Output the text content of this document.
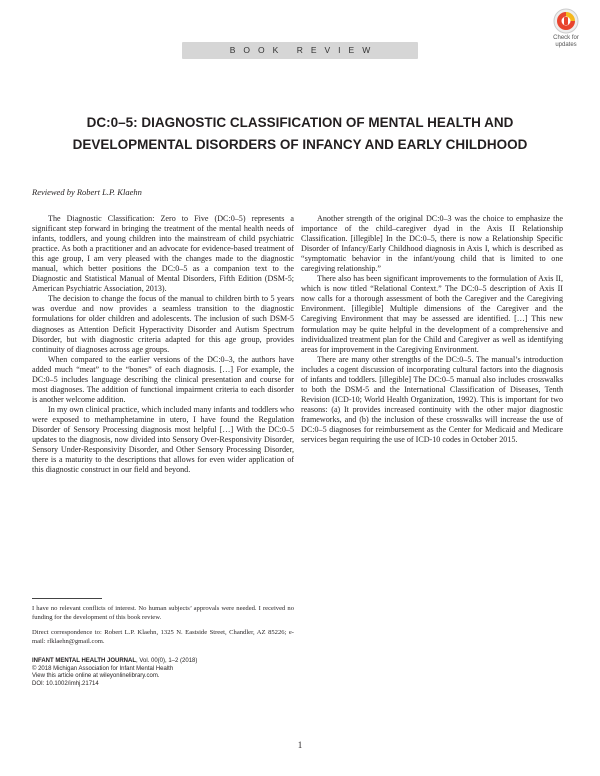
Check for
updates
BOOK REVIEW
DC:0–5: DIAGNOSTIC CLASSIFICATION OF MENTAL HEALTH AND
DEVELOPMENTAL DISORDERS OF INFANCY AND EARLY CHILDHOOD
Reviewed by Robert L.P. Klaehn

The Diagnostic Classification: Zero to Five (DC:0–5) represents a significant step forward in bringing the treatment of the mental health needs of infants, toddlers, and young children into the mainstream of child psychiatric practice. As both a practitioner and an advocate for evidence-based treatment of this age group, I am very pleased with the changes made to the diagnostic manual, which better positions the DC:0–5 as a companion text to the Diagnostic and Statistical Manual of Mental Disorders, Fifth Edition (DSM-5; American Psychiatric Association, 2013).

The decision to change the focus of the manual to children birth to 5 years was overdue and now provides a seamless transition to the diagnostic formulations for older children and adolescents. The inclusion of such DSM-5 diagnoses as Attention Deficit Hyperactivity Disorder and Autism Spectrum Disorder, but with diagnostic criteria adapted for this age group, provides continuity of diagnoses across age groups.

When compared to the earlier versions of the DC:0–3, the authors have added much “meat” to the “bones” of each diagnosis. […] For example, the DC:0–5 includes language describing the clinical presentation and course for most diagnoses. The addition of functional impairment criteria to each disorder is another welcome addition.

In my own clinical practice, which included many infants and toddlers who were exposed to methamphetamine in utero, I have found the Regulation Disorder of Sensory Processing diagnosis most helpful […] With the DC:0–5 updates to the diagnosis, now divided into Sensory Over-Responsivity Disorder, Sensory Under-Responsivity Disorder, and Other Sensory Processing Disorder, there is a maturity to the descriptions that allows for even wider application of this diagnostic construct in our field and beyond.

Another strength of the original DC:0–3 was the choice to emphasize the importance of the child–caregiver dyad in the Axis II Relationship Classification. [illegible] In the DC:0–5, there is now a Relationship Specific Disorder of Infancy/Early Childhood diagnosis in Axis I, which is described as “symptomatic behavior in the infant/young child that is limited to one caregiving relationship.”

There also has been significant improvements to the formulation of Axis II, which is now titled “Relational Context.” The DC:0–5 description of Axis II now calls for a thorough assessment of both the Caregiver and the Caregiving Environment. [illegible] Multiple dimensions of the Caregiver and the Caregiving Environment that may be assessed are identified. […] This new formulation may be quite helpful in the development of a comprehensive and individualized treatment plan for the Child and Caregiver as well as identifying areas for improvement in the Caregiving Environment.

There are many other strengths of the DC:0–5. The manual’s introduction includes a cogent discussion of incorporating cultural factors into the diagnosis of infants and toddlers. [illegible] The DC:0–5 manual also includes crosswalks to both the DSM-5 and the International Classification of Diseases, Tenth Revision (ICD-10; World Health Organization, 1992). This is important for two reasons: (a) It provides increased continuity with the other major diagnostic frameworks, and (b) the inclusion of these crosswalks will increase the use of DC:0–5 diagnoses for reimbursement as the Center for Medicaid and Medicare services began requiring the use of ICD-10 codes in October 2015.

I have no relevant conflicts of interest. No human subjects’ approvals were needed. I received no funding for the development of this book review.
Direct correspondence to: Robert L.P. Klaehn, 1325 N. Eastside Street, Chandler, AZ 85226; e-mail: rlklaehn@gmail.com.
INFANT MENTAL HEALTH JOURNAL, Vol. 00(0), 1–2 (2018)
© 2018 Michigan Association for Infant Mental Health
View this article online at wileyonlinelibrary.com.
DOI: 10.1002/imhj.21714
1
